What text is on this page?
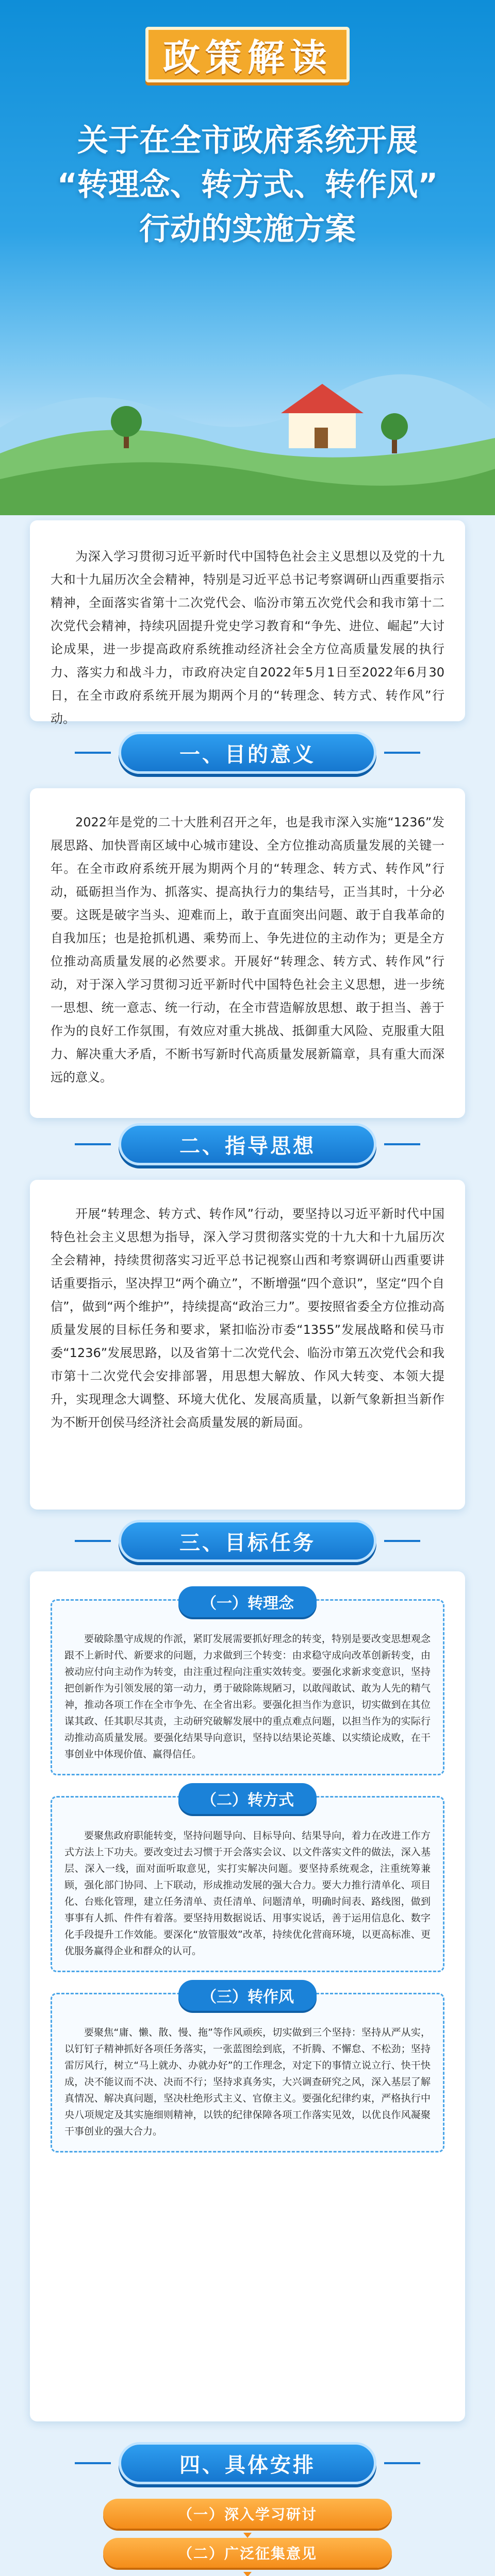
政策解读
关于在全市政府系统开展
“转理念、转方式、转作风”
行动的实施方案

为深入学习贯彻习近平新时代中国特色社会主义思想以及党的十九大和十九届历次全会精神，特别是习近平总书记考察调研山西重要指示精神，全面落实省第十二次党代会、临汾市第五次党代会和我市第十二次党代会精神，持续巩固提升党史学习教育和“争先、进位、崛起”大讨论成果，进一步提高政府系统推动经济社会全方位高质量发展的执行力、落实力和战斗力，市政府决定自2022年5月1日至2022年6月30日，在全市政府系统开展为期两个月的“转理念、转方式、转作风”行动。

一、目的意义

2022年是党的二十大胜利召开之年，也是我市深入实施“1236”发展思路、加快晋南区域中心城市建设、全方位推动高质量发展的关键一年。在全市政府系统开展为期两个月的“转理念、转方式、转作风”行动，砥砺担当作为、抓落实、提高执行力的集结号，正当其时，十分必要。这既是破字当头、迎难而上，敢于直面突出问题、敢于自我革命的自我加压；也是抢抓机遇、乘势而上、争先进位的主动作为；更是全方位推动高质量发展的必然要求。开展好“转理念、转方式、转作风”行动，对于深入学习贯彻习近平新时代中国特色社会主义思想，进一步统一思想、统一意志、统一行动，在全市营造解放思想、敢于担当、善于作为的良好工作氛围，有效应对重大挑战、抵御重大风险、克服重大阻力、解决重大矛盾，不断书写新时代高质量发展新篇章，具有重大而深远的意义。

二、指导思想

开展“转理念、转方式、转作风”行动，要坚持以习近平新时代中国特色社会主义思想为指导，深入学习贯彻落实党的十九大和十九届历次全会精神，持续贯彻落实习近平总书记视察山西和考察调研山西重要讲话重要指示，坚决捍卫“两个确立”，不断增强“四个意识”，坚定“四个自信”，做到“两个维护”，持续提高“政治三力”。要按照省委全方位推动高质量发展的目标任务和要求，紧扣临汾市委“1355”发展战略和侯马市委“1236”发展思路，以及省第十二次党代会、临汾市第五次党代会和我市第十二次党代会安排部署，用思想大解放、作风大转变、本领大提升，实现理念大调整、环境大优化、发展高质量，以新气象新担当新作为不断开创侯马经济社会高质量发展的新局面。

三、目标任务
（一）转理念

要破除墨守成规的作派，紧盯发展需要抓好理念的转变，特别是要改变思想观念跟不上新时代、新要求的问题，力求做到三个转变：由求稳守成向改革创新转变，由被动应付向主动作为转变，由注重过程向注重实效转变。要强化求新求变意识，坚持把创新作为引领发展的第一动力，勇于破除陈规陋习，以敢闯敢试、敢为人先的精气神，推动各项工作在全市争先、在全省出彩。要强化担当作为意识，切实做到在其位谋其政、任其职尽其责，主动研究破解发展中的重点难点问题，以担当作为的实际行动推动高质量发展。要强化结果导向意识，坚持以结果论英雄、以实绩论成败，在干事创业中体现价值、赢得信任。

（二）转方式

要聚焦政府职能转变，坚持问题导向、目标导向、结果导向，着力在改进工作方式方法上下功夫。要改变过去习惯于开会落实会议、以文件落实文件的做法，深入基层、深入一线，面对面听取意见，实打实解决问题。要坚持系统观念，注重统筹兼顾，强化部门协同、上下联动，形成推动发展的强大合力。要大力推行清单化、项目化、台账化管理，建立任务清单、责任清单、问题清单，明确时间表、路线图，做到事事有人抓、件件有着落。要坚持用数据说话、用事实说话，善于运用信息化、数字化手段提升工作效能。要深化“放管服效”改革，持续优化营商环境，以更高标准、更优服务赢得企业和群众的认可。

（三）转作风

要聚焦“庸、懒、散、慢、拖”等作风顽疾，切实做到三个坚持：坚持从严从实，以钉钉子精神抓好各项任务落实，一张蓝图绘到底，不折腾、不懈怠、不松劲；坚持雷厉风行，树立“马上就办、办就办好”的工作理念，对定下的事情立说立行、快干快成，决不能议而不决、决而不行；坚持求真务实，大兴调查研究之风，深入基层了解真情况、解决真问题，坚决杜绝形式主义、官僚主义。要强化纪律约束，严格执行中央八项规定及其实施细则精神，以铁的纪律保障各项工作落实见效，以优良作风凝聚干事创业的强大合力。

四、具体安排
（一）深入学习研讨
（二）广泛征集意见
